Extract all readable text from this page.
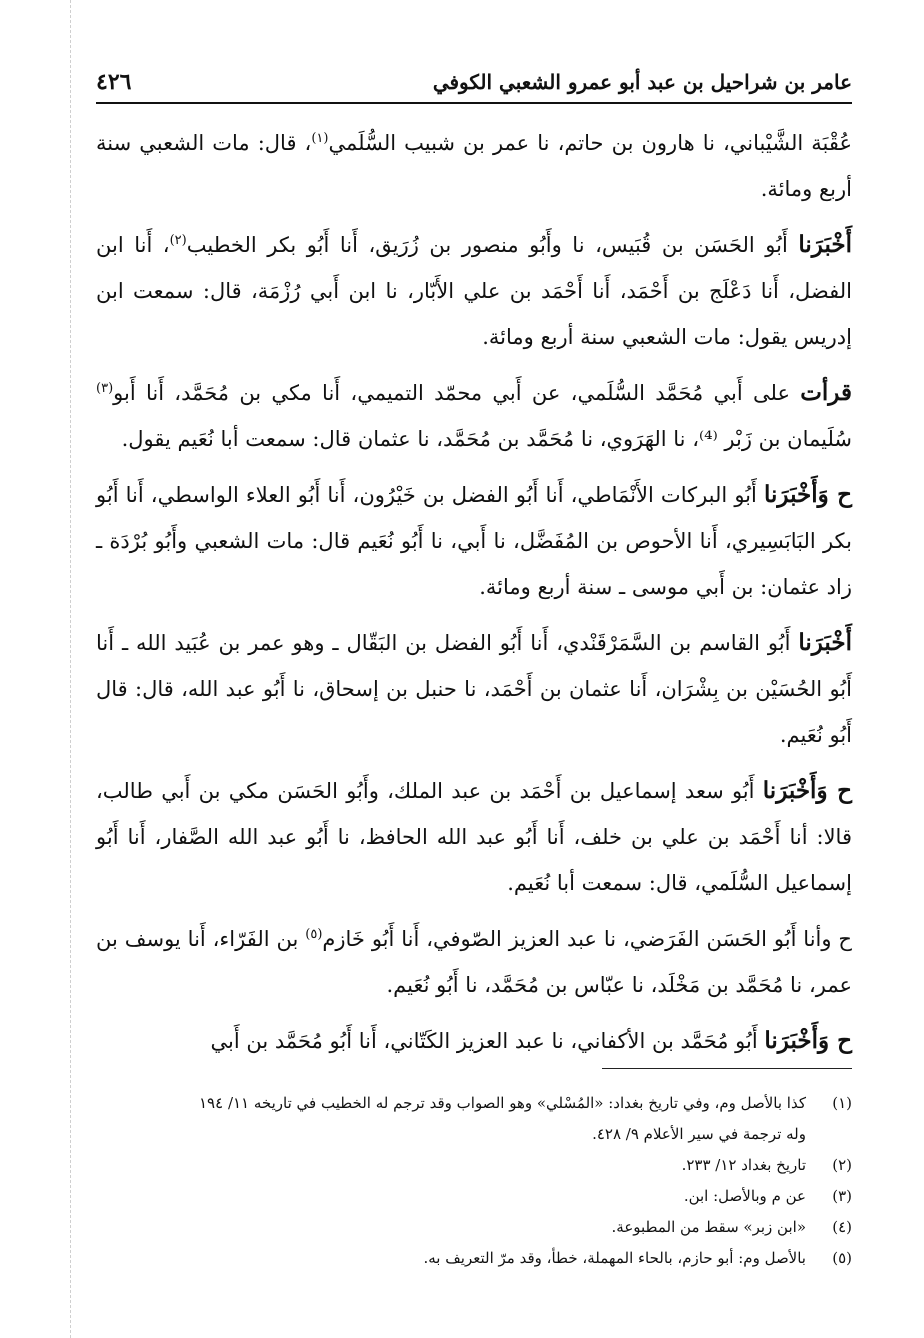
عامر بن شراحيل بن عبد أبو عمرو الشعبي الكوفي
٤٢٦

عُقْبَة الشَّيْباني، نا هارون بن حاتم، نا عمر بن شبيب السُّلَمي$^{(١)}$، قال: مات الشعبي سنة أربع ومائة.

أَخْبَرَنا أَبُو الحَسَن بن قُبَيس، نا وأَبُو منصور بن زُرَيق، أَنا أَبُو بكر الخطيب$^{(٢)}$، أَنا ابن الفضل، أَنا دَعْلَج بن أَحْمَد، أَنا أَحْمَد بن علي الأَبّار، نا ابن أَبي رُزْمَة، قال: سمعت ابن إدريس يقول: مات الشعبي سنة أربع ومائة.

قرأت على أَبي مُحَمَّد السُّلَمي، عن أَبي محمّد التميمي، أَنا مكي بن مُحَمَّد، أَنا أَبو$^{(٣)}$ سُلَيمان بن زَبْر ⁽⁴⁾، نا الهَرَوي، نا مُحَمَّد بن مُحَمَّد، نا عثمان قال: سمعت أبا نُعَيم يقول.

ح وَأَخْبَرَنا أَبُو البركات الأَنْمَاطي، أَنا أَبُو الفضل بن خَيْرُون، أَنا أَبُو العلاء الواسطي، أَنا أَبُو بكر البَابَسِيري، أَنا الأحوص بن المُفَضَّل، نا أَبي، نا أَبُو نُعَيم قال: مات الشعبي وأَبُو بُرْدَة ـ زاد عثمان: بن أَبي موسى ـ سنة أربع ومائة.

أَخْبَرَنا أَبُو القاسم بن السَّمَرْقَنْدي، أَنا أَبُو الفضل بن البَقّال ـ وهو عمر بن عُبَيد الله ـ أَنا أَبُو الحُسَيْن بن بِشْرَان، أَنا عثمان بن أَحْمَد، نا حنبل بن إسحاق، نا أَبُو عبد الله، قال: قال أَبُو نُعَيم.

ح وَأَخْبَرَنا أَبُو سعد إسماعيل بن أَحْمَد بن عبد الملك، وأَبُو الحَسَن مكي بن أَبي طالب، قالا: أنا أَحْمَد بن علي بن خلف، أَنا أَبُو عبد الله الحافظ، نا أَبُو عبد الله الصَّفار، أَنا أَبُو إسماعيل السُّلَمي، قال: سمعت أبا نُعَيم.

ح وأنا أَبُو الحَسَن الفَرَضي، نا عبد العزيز الصّوفي، أَنا أَبُو خَازم$^{(٥)}$ بن الفَرّاء، أَنا يوسف بن عمر، نا مُحَمَّد بن مَخْلَد، نا عبّاس بن مُحَمَّد، نا أَبُو نُعَيم.

ح وَأَخْبَرَنا أَبُو مُحَمَّد بن الأكفاني، نا عبد العزيز الكَتّاني، أَنا أَبُو مُحَمَّد بن أَبي

(١)
كذا بالأصل وم، وفي تاريخ بغداد: «المُسْلي» وهو الصواب وقد ترجم له الخطيب في تاريخه ١١/ ١٩٤
وله ترجمة في سير الأعلام ٩/ ٤٢٨.
(٢)
تاريخ بغداد ١٢/ ٢٣٣.
(٣)
عن م وبالأصل: ابن.
(٤)
«ابن زبر» سقط من المطبوعة.
(٥)
بالأصل وم: أبو حازم، بالحاء المهملة، خطأ، وقد مرّ التعريف به.
